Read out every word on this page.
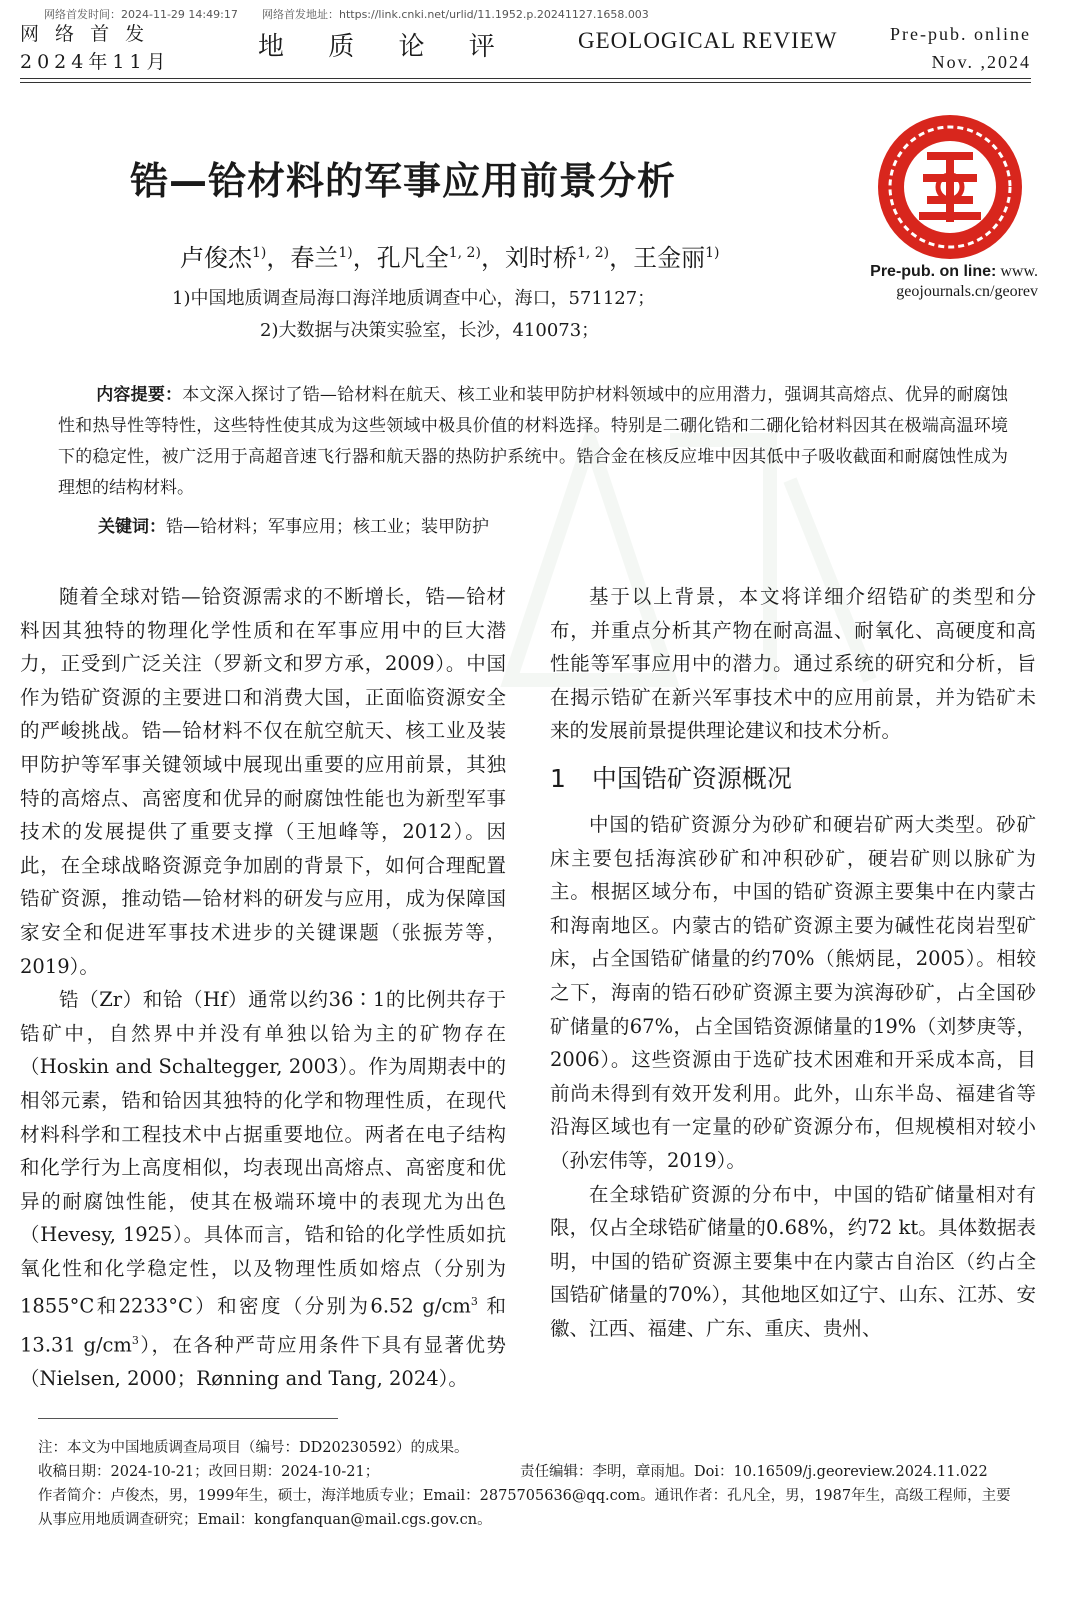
网络首发时间：2024-11-29 14:49:17 网络首发地址：https://link.cnki.net/urlid/11.1952.p.20241127.1658.003
网 络 首 发
2024年11月	地 质 论 评	GEOLOGICAL REVIEW	Pre-pub. online
Nov. ,2024
Pre-pub. on line: www.
geojournals.cn/georev
锆—铪材料的军事应用前景分析
卢俊杰$^{1)}$，春兰$^{1)}$，孔凡全$^{1, 2)}$，刘时桥$^{1, 2)}$，王金丽$^{1)}$
1)中国地质调查局海口海洋地质调查中心，海口，571127；
2)大数据与决策实验室，长沙，410073；
内容提要：本文深入探讨了锆—铪材料在航天、核工业和装甲防护材料领域中的应用潜力，强调其高熔点、优异的耐腐蚀性和热导性等特性，这些特性使其成为这些领域中极具价值的材料选择。特别是二硼化锆和二硼化铪材料因其在极端高温环境下的稳定性，被广泛用于高超音速飞行器和航天器的热防护系统中。锆合金在核反应堆中因其低中子吸收截面和耐腐蚀性成为理想的结构材料。
关键词：锆—铪材料；军事应用；核工业；装甲防护

随着全球对锆—铪资源需求的不断增长，锆—铪材料因其独特的物理化学性质和在军事应用中的巨大潜力，正受到广泛关注（罗新文和罗方承，2009）。中国作为锆矿资源的主要进口和消费大国，正面临资源安全的严峻挑战。锆—铪材料不仅在航空航天、核工业及装甲防护等军事关键领域中展现出重要的应用前景，其独特的高熔点、高密度和优异的耐腐蚀性能也为新型军事技术的发展提供了重要支撑（王旭峰等，2012）。因此，在全球战略资源竞争加剧的背景下，如何合理配置锆矿资源，推动锆—铪材料的研发与应用，成为保障国家安全和促进军事技术进步的关键课题（张振芳等，2019）。

锆（Zr）和铪（Hf）通常以约36∶1的比例共存于锆矿中，自然界中并没有单独以铪为主的矿物存在（Hoskin and Schaltegger, 2003）。作为周期表中的相邻元素，锆和铪因其独特的化学和物理性质，在现代材料科学和工程技术中占据重要地位。两者在电子结构和化学行为上高度相似，均表现出高熔点、高密度和优异的耐腐蚀性能，使其在极端环境中的表现尤为出色（Hevesy, 1925）。具体而言，锆和铪的化学性质如抗氧化性和化学稳定性，以及物理性质如熔点（分别为1855°C和2233°C）和密度（分别为6.52 $g/cm^3$ 和13.31 $g/cm^3$），在各种严苛应用条件下具有显著优势（Nielsen, 2000；Rønning and Tang, 2024）。

基于以上背景，本文将详细介绍锆矿的类型和分布，并重点分析其产物在耐高温、耐氧化、高硬度和高性能等军事应用中的潜力。通过系统的研究和分析，旨在揭示锆矿在新兴军事技术中的应用前景，并为锆矿未来的发展前景提供理论建议和技术分析。

1 中国锆矿资源概况

中国的锆矿资源分为砂矿和硬岩矿两大类型。砂矿床主要包括海滨砂矿和冲积砂矿，硬岩矿则以脉矿为主。根据区域分布，中国的锆矿资源主要集中在内蒙古和海南地区。内蒙古的锆矿资源主要为碱性花岗岩型矿床，占全国锆矿储量的约70%（熊炳昆，2005）。相较之下，海南的锆石砂矿资源主要为滨海砂矿，占全国砂矿储量的67%，占全国锆资源储量的19%（刘梦庚等，2006）。这些资源由于选矿技术困难和开采成本高，目前尚未得到有效开发利用。此外，山东半岛、福建省等沿海区域也有一定量的砂矿资源分布，但规模相对较小（孙宏伟等，2019）。

在全球锆矿资源的分布中，中国的锆矿储量相对有限，仅占全球锆矿储量的0.68%，约72 kt。具体数据表明，中国的锆矿资源主要集中在内蒙古自治区（约占全国锆矿储量的70%），其他地区如辽宁、山东、江苏、安徽、江西、福建、广东、重庆、贵州、

注：本文为中国地质调查局项目（编号：DD20230592）的成果。
收稿日期：2024-10-21；改回日期：2024-10-21；	责任编辑：李明，章雨旭。Doi：10.16509/j.georeview.2024.11.022
作者简介：卢俊杰，男，1999年生，硕士，海洋地质专业；Email：2875705636@qq.com。通讯作者：孔凡全，男，1987年生，高级工程师，主要
从事应用地质调查研究；Email：kongfanquan@mail.cgs.gov.cn。
